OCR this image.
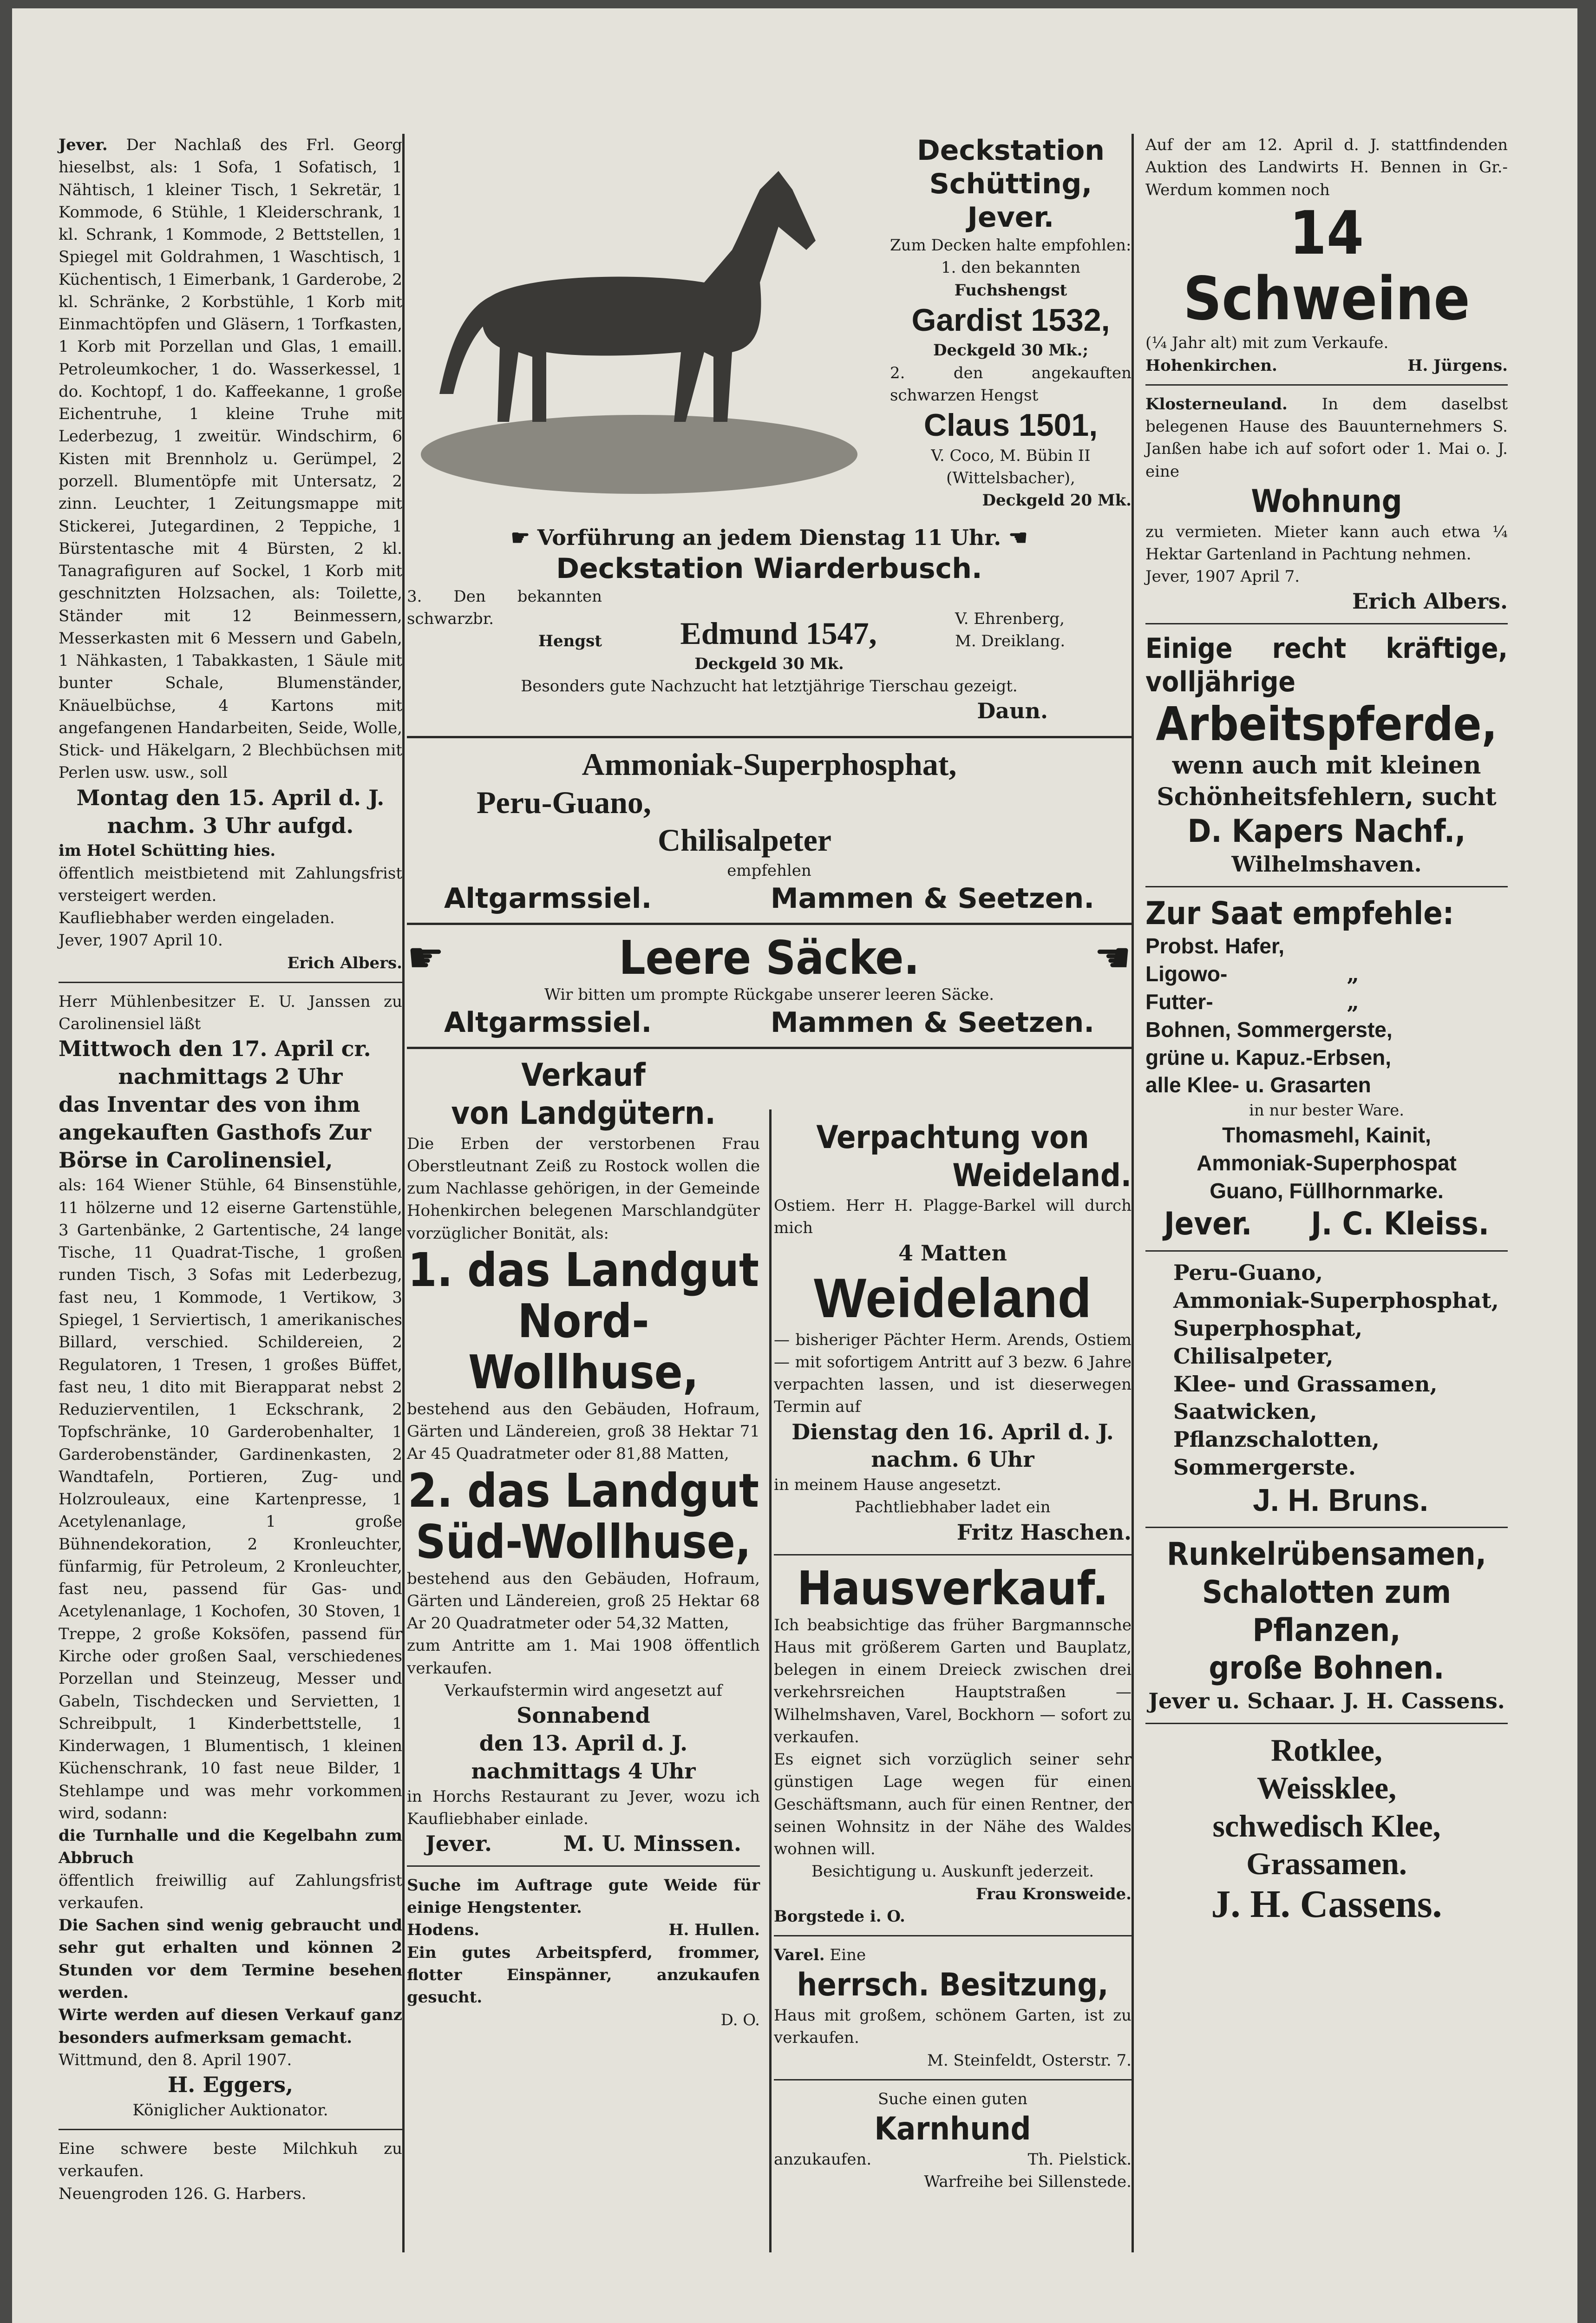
Jever. Der Nachlaß des Frl. Georg hieselbst, als: 1 Sofa, 1 Sofatisch, 1 Nähtisch, 1 kleiner Tisch, 1 Sekretär, 1 Kommode, 6 Stühle, 1 Kleiderschrank, 1 kl. Schrank, 1 Kommode, 2 Bettstellen, 1 Spiegel mit Goldrahmen, 1 Waschtisch, 1 Küchentisch, 1 Eimerbank, 1 Garderobe, 2 kl. Schränke, 2 Korbstühle, 1 Korb mit Einmachtöpfen und Gläsern, 1 Torfkasten, 1 Korb mit Porzellan und Glas, 1 emaill. Petroleumkocher, 1 do. Wasserkessel, 1 do. Kochtopf, 1 do. Kaffeekanne, 1 große Eichentruhe, 1 kleine Truhe mit Lederbezug, 1 zweitür. Windschirm, 6 Kisten mit Brennholz u. Gerümpel, 2 porzell. Blumentöpfe mit Untersatz, 2 zinn. Leuchter, 1 Zeitungsmappe mit Stickerei, Jutegardinen, 2 Teppiche, 1 Bürstentasche mit 4 Bürsten, 2 kl. Tanagrafiguren auf Sockel, 1 Korb mit geschnitzten Holzsachen, als: Toilette, Ständer mit 12 Beinmessern, Messerkasten mit 6 Messern und Gabeln, 1 Nähkasten, 1 Tabakkasten, 1 Säule mit bunter Schale, Blumenständer, Knäuelbüchse, 4 Kartons mit angefangenen Handarbeiten, Seide, Wolle, Stick- und Häkelgarn, 2 Blechbüchsen mit Perlen usw. usw., soll

Montag den 15. April d. J.

nachm. 3 Uhr aufgd.

im Hotel Schütting hies.

öffentlich meistbietend mit Zahlungsfrist versteigert werden.

Kaufliebhaber werden eingeladen.

Jever, 1907 April 10.

Erich Albers.

Herr Mühlenbesitzer E. U. Janssen zu Carolinensiel läßt

Mittwoch den 17. April cr.

nachmittags 2 Uhr

das Inventar des von ihm

angekauften Gasthofs Zur

Börse in Carolinensiel,

als: 164 Wiener Stühle, 64 Binsenstühle, 11 hölzerne und 12 eiserne Gartenstühle, 3 Gartenbänke, 2 Gartentische, 24 lange Tische, 11 Quadrat-Tische, 1 großen runden Tisch, 3 Sofas mit Lederbezug, fast neu, 1 Kommode, 1 Vertikow, 3 Spiegel, 1 Serviertisch, 1 amerikanisches Billard, verschied. Schildereien, 2 Regulatoren, 1 Tresen, 1 großes Büffet, fast neu, 1 dito mit Bierapparat nebst 2 Reduzierventilen, 1 Eckschrank, 2 Topfschränke, 10 Garderobenhalter, 1 Garderobenständer, Gardinenkasten, 2 Wandtafeln, Portieren, Zug- und Holzrouleaux, eine Kartenpresse, 1 Acetylenanlage, 1 große Bühnendekoration, 2 Kronleuchter, fünfarmig, für Petroleum, 2 Kronleuchter, fast neu, passend für Gas- und Acetylenanlage, 1 Kochofen, 30 Stoven, 1 Treppe, 2 große Koksöfen, passend für Kirche oder großen Saal, verschiedenes Porzellan und Steinzeug, Messer und Gabeln, Tischdecken und Servietten, 1 Schreibpult, 1 Kinderbettstelle, 1 Kinderwagen, 1 Blumentisch, 1 kleinen Küchenschrank, 10 fast neue Bilder, 1 Stehlampe und was mehr vorkommen wird, sodann:

die Turnhalle und die Kegelbahn zum Abbruch

öffentlich freiwillig auf Zahlungsfrist verkaufen.

Die Sachen sind wenig gebraucht und sehr gut erhalten und können 2 Stunden vor dem Termine besehen werden.

Wirte werden auf diesen Verkauf ganz besonders aufmerksam gemacht.

Wittmund, den 8. April 1907.

H. Eggers,

Königlicher Auktionator.

Eine schwere beste Milchkuh zu verkaufen.

Neuengroden 126. G. Harbers.

Deckstation

Schütting, Jever.

Zum Decken halte empfohlen:

1. den bekannten

Fuchshengst

Gardist 1532,

Deckgeld 30 Mk.;

2. den angekauften schwarzen Hengst

Claus 1501,

V. Coco, M. Bübin II (Wittelsbacher),

Deckgeld 20 Mk.

☛ Vorführung an jedem Dienstag 11 Uhr. ☚

Deckstation Wiarderbusch.

3. Den bekannten schwarzbr.

Hengst Edmund 1547,	V. Ehrenberg,

M. Dreiklang.

Deckgeld 30 Mk.

Besonders gute Nachzucht hat letztjährige Tierschau gezeigt.

Daun.

Ammoniak-Superphosphat,

Peru-Guano,

Chilisalpeter

empfehlen

Altgarmssiel.	Mammen & Seetzen.

☛	Leere Säcke.	☚

Wir bitten um prompte Rückgabe unserer leeren Säcke.

Altgarmssiel.	Mammen & Seetzen.

Verkauf

von Landgütern.

Die Erben der verstorbenen Frau Oberstleutnant Zeiß zu Rostock wollen die zum Nachlasse gehörigen, in der Gemeinde Hohenkirchen belegenen Marschlandgüter vorzüglicher Bonität, als:

1. das Landgut

Nord-Wollhuse,

bestehend aus den Gebäuden, Hofraum, Gärten und Ländereien, groß 38 Hektar 71 Ar 45 Quadratmeter oder 81,88 Matten,

2. das Landgut

Süd-Wollhuse,

bestehend aus den Gebäuden, Hofraum, Gärten und Ländereien, groß 25 Hektar 68 Ar 20 Quadratmeter oder 54,32 Matten,

zum Antritte am 1. Mai 1908 öffentlich verkaufen.

Verkaufstermin wird angesetzt auf

Sonnabend

den 13. April d. J.

nachmittags 4 Uhr

in Horchs Restaurant zu Jever, wozu ich Kaufliebhaber einlade.

Jever.	M. U. Minssen.

Suche im Auftrage gute Weide für einige Hengstenter.

Hodens.	H. Hullen.

Ein gutes Arbeitspferd, frommer, flotter Einspänner, anzukaufen gesucht.

D. O.

Verpachtung von

Weideland.

Ostiem. Herr H. Plagge-Barkel will durch mich

4 Matten

Weideland

— bisheriger Pächter Herm. Arends, Ostiem — mit sofortigem Antritt auf 3 bezw. 6 Jahre verpachten lassen, und ist dieserwegen Termin auf

Dienstag den 16. April d. J.

nachm. 6 Uhr

in meinem Hause angesetzt.

Pachtliebhaber ladet ein

Fritz Haschen.

Hausverkauf.

Ich beabsichtige das früher Bargmannsche Haus mit größerem Garten und Bauplatz, belegen in einem Dreieck zwischen drei verkehrsreichen Hauptstraßen — Wilhelmshaven, Varel, Bockhorn — sofort zu verkaufen.

Es eignet sich vorzüglich seiner sehr günstigen Lage wegen für einen Geschäftsmann, auch für einen Rentner, der seinen Wohnsitz in der Nähe des Waldes wohnen will.

Besichtigung u. Auskunft jederzeit.

Frau Kronsweide.

Borgstede i. O.

Varel. Eine

herrsch. Besitzung,

Haus mit großem, schönem Garten, ist zu verkaufen.

M. Steinfeldt, Osterstr. 7.

Suche einen guten

Karnhund

anzukaufen.	Th. Pielstick.

Warfreihe bei Sillenstede.

Auf der am 12. April d. J. stattfindenden Auktion des Landwirts H. Bennen in Gr.-Werdum kommen noch

14 Schweine

(¼ Jahr alt) mit zum Verkaufe.

Hohenkirchen.	H. Jürgens.

Klosterneuland. In dem daselbst belegenen Hause des Bauunternehmers S. Janßen habe ich auf sofort oder 1. Mai o. J. eine

Wohnung

zu vermieten. Mieter kann auch etwa ¼ Hektar Gartenland in Pachtung nehmen.

Jever, 1907 April 7.

Erich Albers.

Einige recht kräftige, volljährige

Arbeitspferde,

wenn auch mit kleinen Schönheitsfehlern, sucht

D. Kapers Nachf.,

Wilhelmshaven.

Zur Saat empfehle:

Probst. Hafer,

Ligowo-	„

Futter-	„

Bohnen, Sommergerste,

grüne u. Kapuz.-Erbsen,

alle Klee- u. Grasarten

in nur bester Ware.

Thomasmehl, Kainit,

Ammoniak-Superphospat

Guano, Füllhornmarke.

Jever. J. C. Kleiss.

Peru-Guano,

Ammoniak-Superphosphat,

Superphosphat,

Chilisalpeter,

Klee- und Grassamen,

Saatwicken,

Pflanzschalotten,

Sommergerste.

J. H. Bruns.

Runkelrübensamen,

Schalotten zum Pflanzen,

große Bohnen.

Jever u. Schaar. J. H. Cassens.

Rotklee,

Weissklee,

schwedisch Klee,

Grassamen.

J. H. Cassens.
